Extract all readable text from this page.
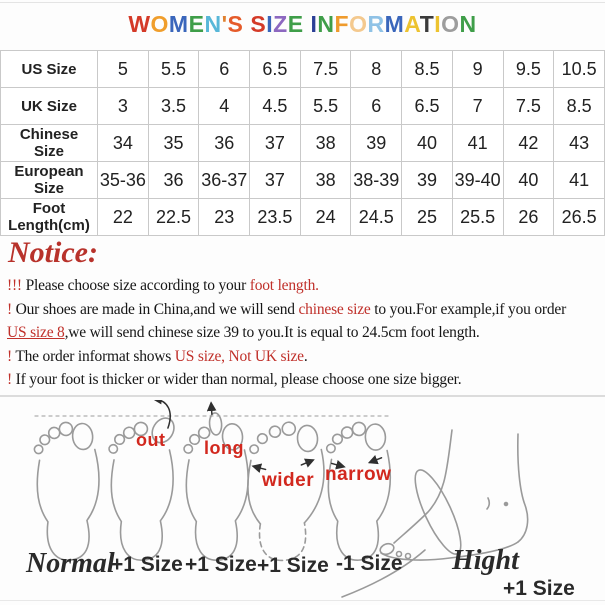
WOMEN'S SIZE INFORMATION
US Size	5	5.5	6	6.5	7.5	8	8.5	9	9.5	10.5
UK Size	3	3.5	4	4.5	5.5	6	6.5	7	7.5	8.5
Chinese Size	34	35	36	37	38	39	40	41	42	43
European Size	35-36	36	36-37	37	38	38-39	39	39-40	40	41
Foot Length(cm)	22	22.5	23	23.5	24	24.5	25	25.5	26	26.5
Notice:
!!! Please choose size according to your foot length.
! Our shoes are made in China,and we will send chinese size to you.For example,if you order
US size 8,we will send chinese size 39 to you.It is equal to 24.5cm foot length.
! The order informat shows US size, Not UK size.
! If your foot is thicker or wider than normal, please choose one size bigger.
out long
wider narrow
Normal
+1 Size +1 Size +1 Size -1 Size Hight
+1 Size
